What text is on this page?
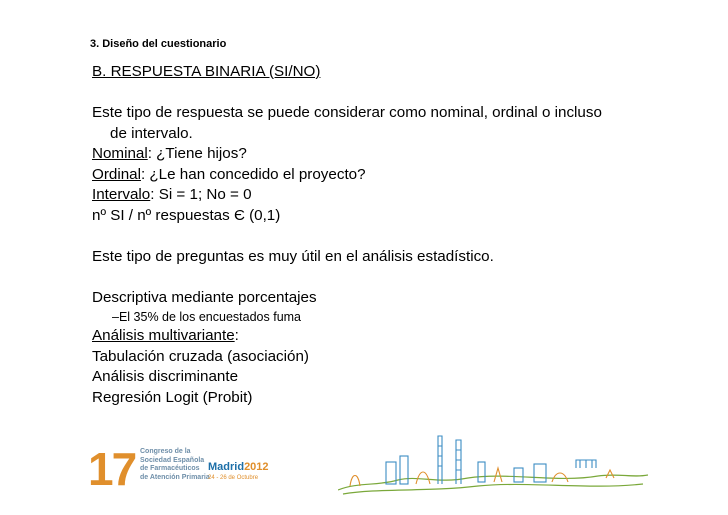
3. Diseño del cuestionario
B. RESPUESTA BINARIA (SI/NO)
Este tipo de respuesta se puede considerar como nominal, ordinal o incluso
de intervalo.
Nominal: ¿Tiene hijos?
Ordinal: ¿Le han concedido el proyecto?
Intervalo: Si = 1; No = 0
nº SI / nº respuestas Є (0,1)
Este tipo de preguntas es muy útil en el análisis estadístico.
Descriptiva mediante porcentajes
–El 35% de los encuestados fuma
Análisis multivariante:
Tabulación cruzada (asociación)
Análisis discriminante
Regresión Logit (Probit)
17 Congreso de la
Sociedad Española
de Farmacéuticos
de Atención Primaria
Madrid2012
24 - 26 de Octubre
